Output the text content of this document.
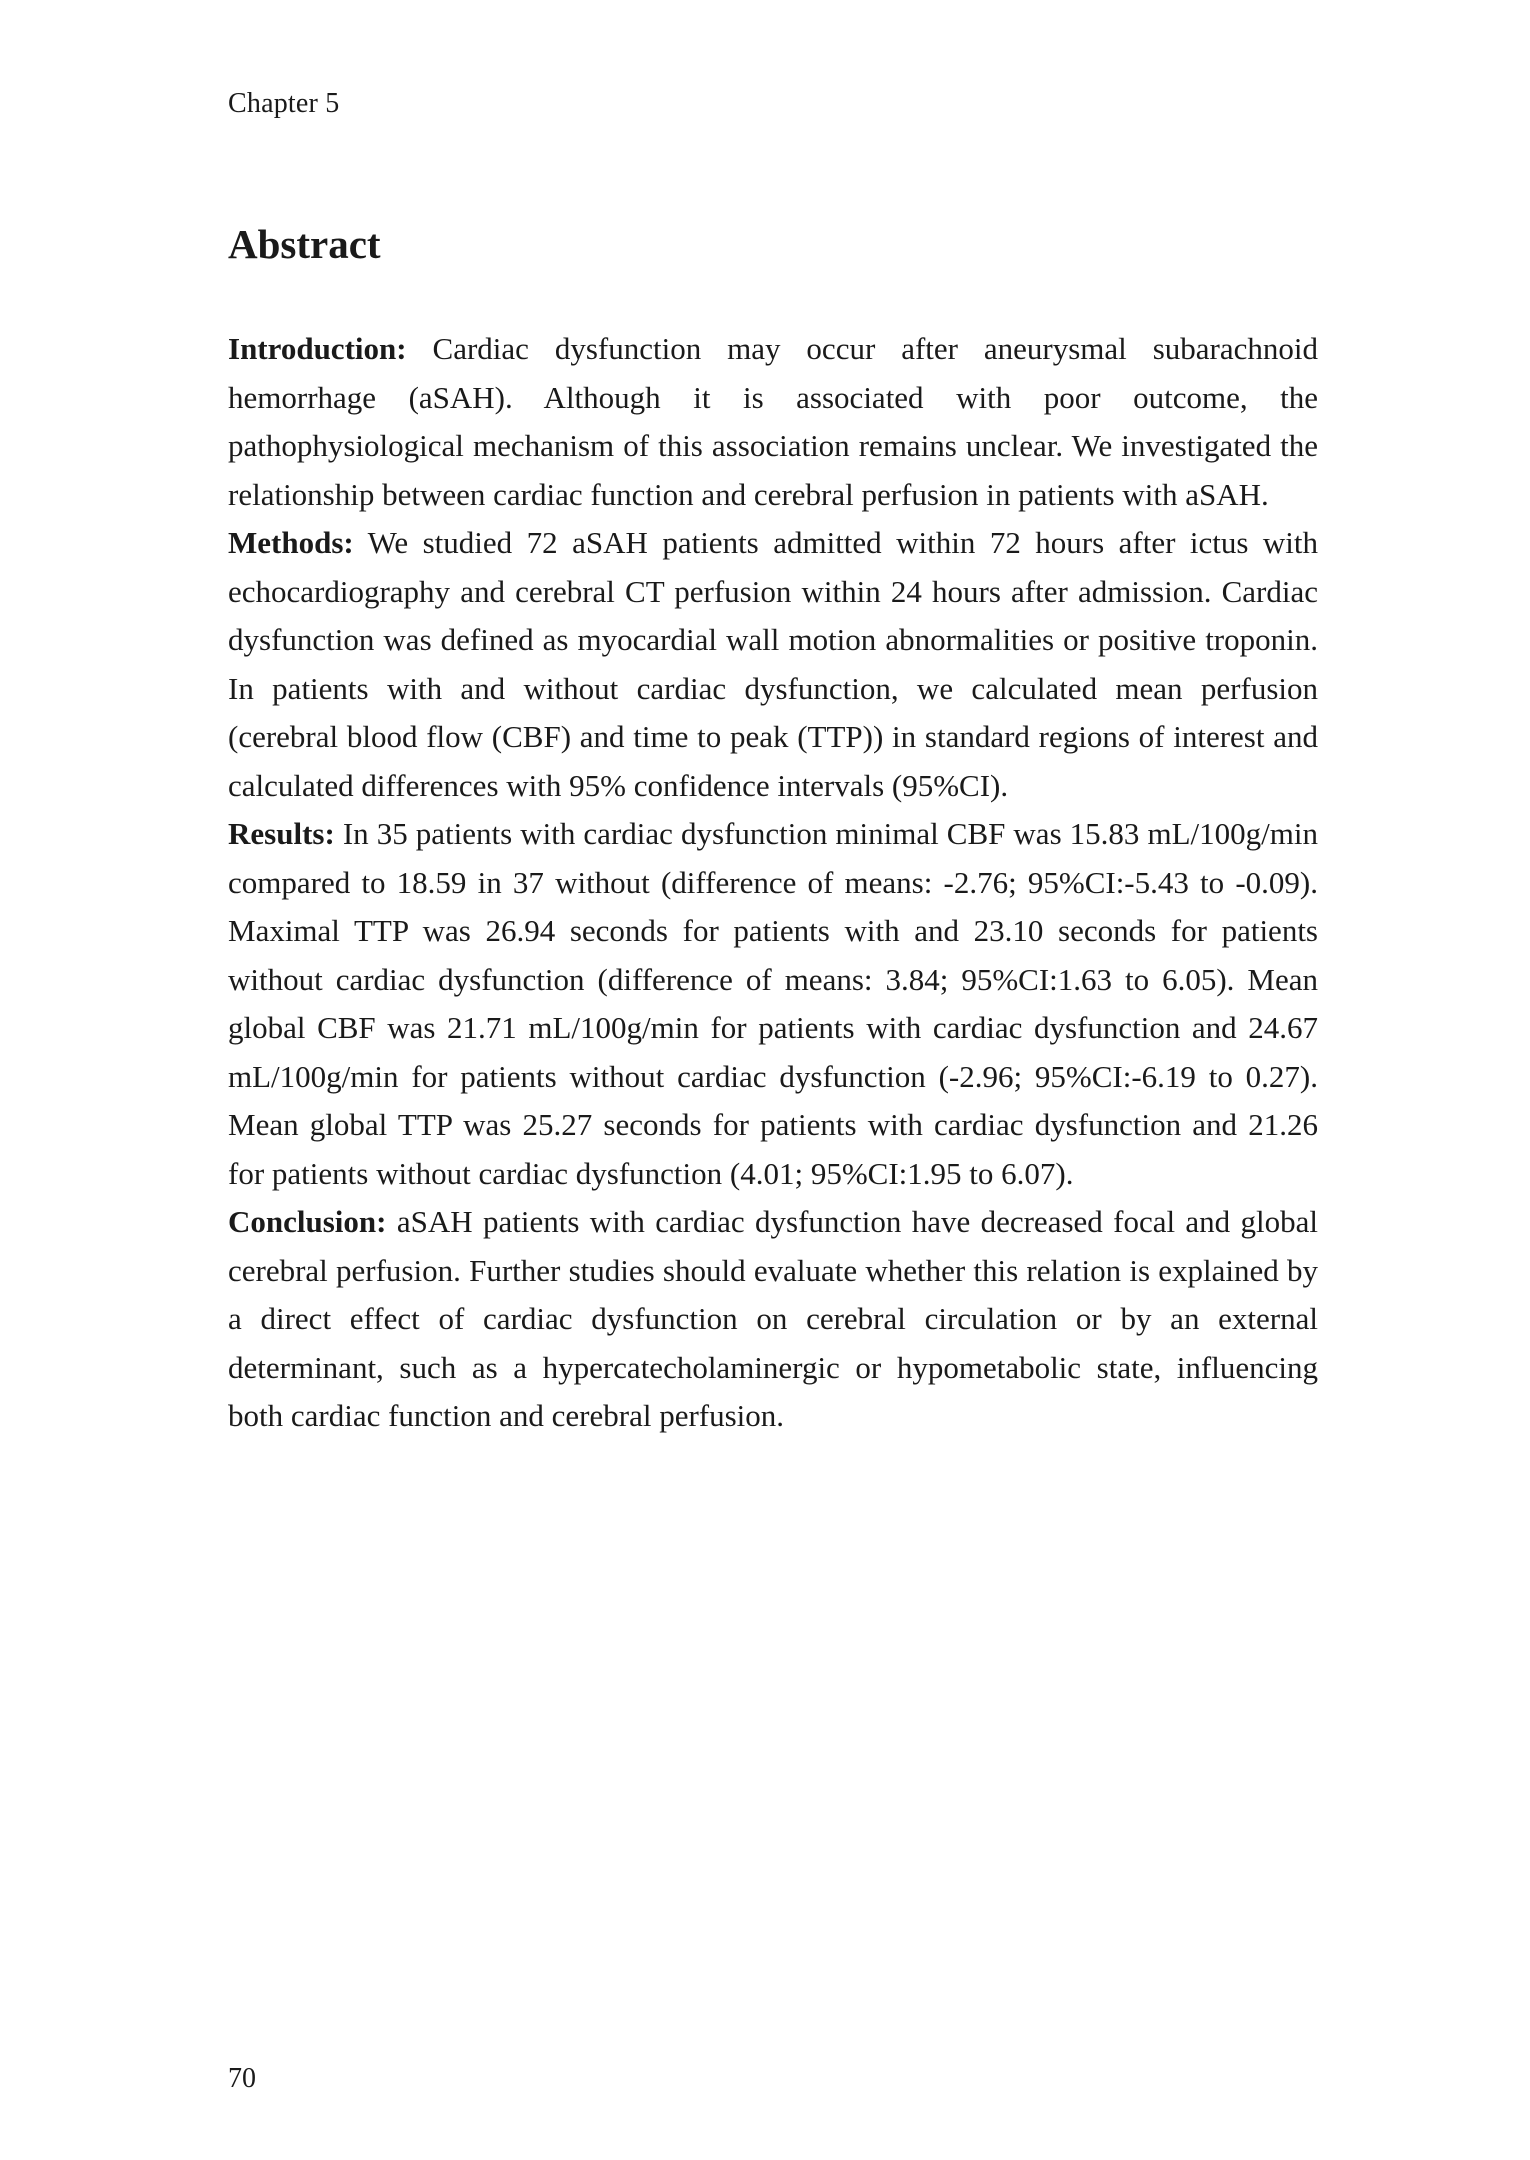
Chapter 5
Abstract

Introduction: Cardiac dysfunction may occur after aneurysmal subarachnoid hemorrhage (aSAH). Although it is associated with poor outcome, the pathophysiological mechanism of this association remains unclear. We investigated the relationship between cardiac function and cerebral perfusion in patients with aSAH.

Methods: We studied 72 aSAH patients admitted within 72 hours after ictus with echocardiography and cerebral CT perfusion within 24 hours after admission. Cardiac dysfunction was defined as myocardial wall motion abnormalities or positive troponin. In patients with and without cardiac dysfunction, we calculated mean perfusion (cerebral blood flow (CBF) and time to peak (TTP)) in standard regions of interest and calculated differences with 95% confidence intervals (95%CI).

Results: In 35 patients with cardiac dysfunction minimal CBF was 15.83 mL/100g/min compared to 18.59 in 37 without (difference of means: -2.76; 95%CI:-5.43 to -0.09). Maximal TTP was 26.94 seconds for patients with and 23.10 seconds for patients without cardiac dysfunction (difference of means: 3.84; 95%CI:1.63 to 6.05). Mean global CBF was 21.71 mL/100g/min for patients with cardiac dysfunction and 24.67 mL/100g/min for patients without cardiac dysfunction (-2.96; 95%CI:-6.19 to 0.27). Mean global TTP was 25.27 seconds for patients with cardiac dysfunction and 21.26 for patients without cardiac dysfunction (4.01; 95%CI:1.95 to 6.07).

Conclusion: aSAH patients with cardiac dysfunction have decreased focal and global cerebral perfusion. Further studies should evaluate whether this relation is explained by a direct effect of cardiac dysfunction on cerebral circulation or by an external determinant, such as a hypercatecholaminergic or hypometabolic state, influencing both cardiac function and cerebral perfusion.

70
